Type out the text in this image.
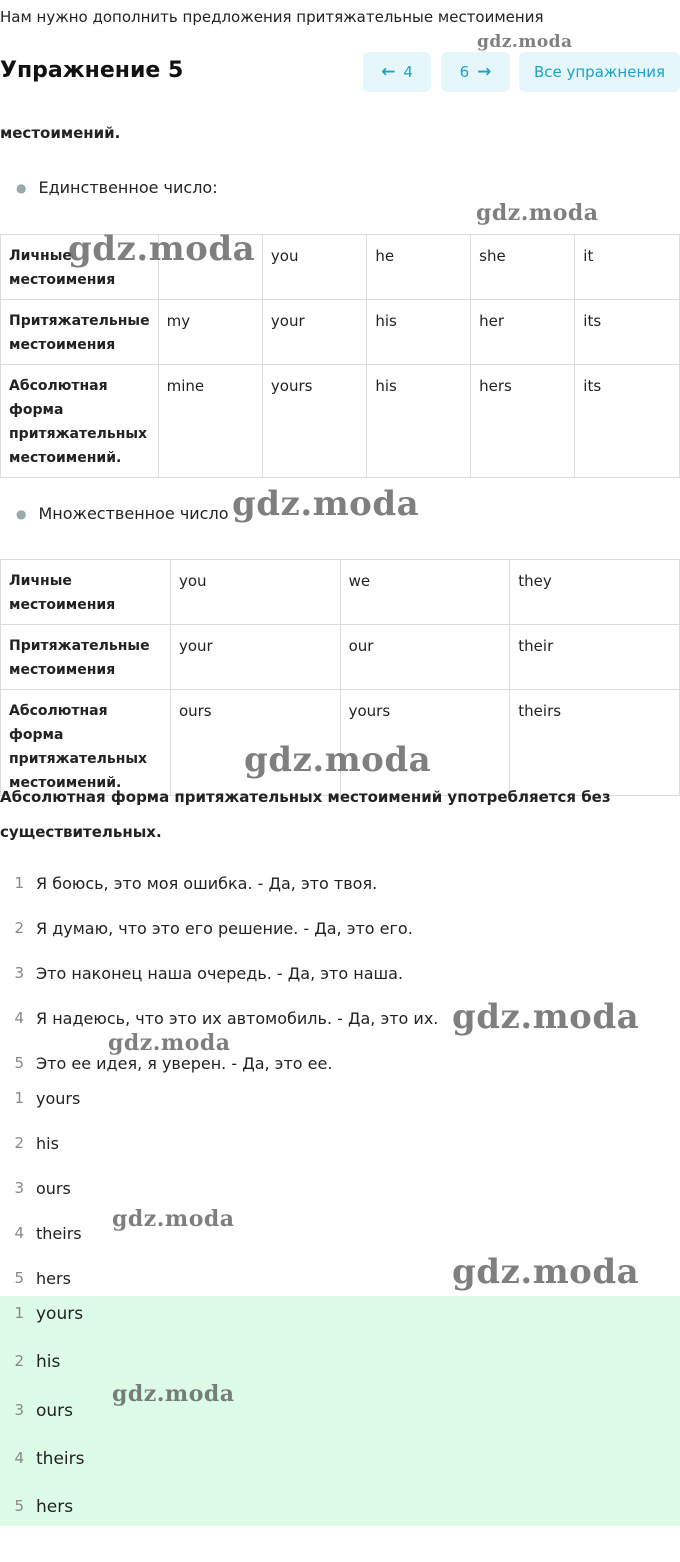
Нам нужно дополнить предложения притяжательные местоимения
Упражнение 5	← 4	6 →	Все упражнения
местоимений.
● Единственное число:
Личные местоимения		you	he	she	it
Притяжательные местоимения	my	your	his	her	its
Абсолютная форма притяжательных местоимений.	mine	yours	his	hers	its
● Множественное число
Личные местоимения	you	we	they
Притяжательные местоимения	your	our	their
Абсолютная форма притяжательных местоимений.	ours	yours	theirs
Абсолютная форма притяжательных местоимений употребляется без
существительных.
1 Я боюсь, это моя ошибка. - Да, это твоя.
2 Я думаю, что это его решение. - Да, это его.
3 Это наконец наша очередь. - Да, это наша.
4 Я надеюсь, что это их автомобиль. - Да, это их.
5 Это ее идея, я уверен. - Да, это ее.
1 yours
2 his
3 ours
4 theirs
5 hers
1 yours
2 his
3 ours
4 theirs
5 hers
gdz.moda
gdz.moda
gdz.moda
gdz.moda
gdz.moda
gdz.moda
gdz.moda
gdz.moda
gdz.moda
gdz.moda
